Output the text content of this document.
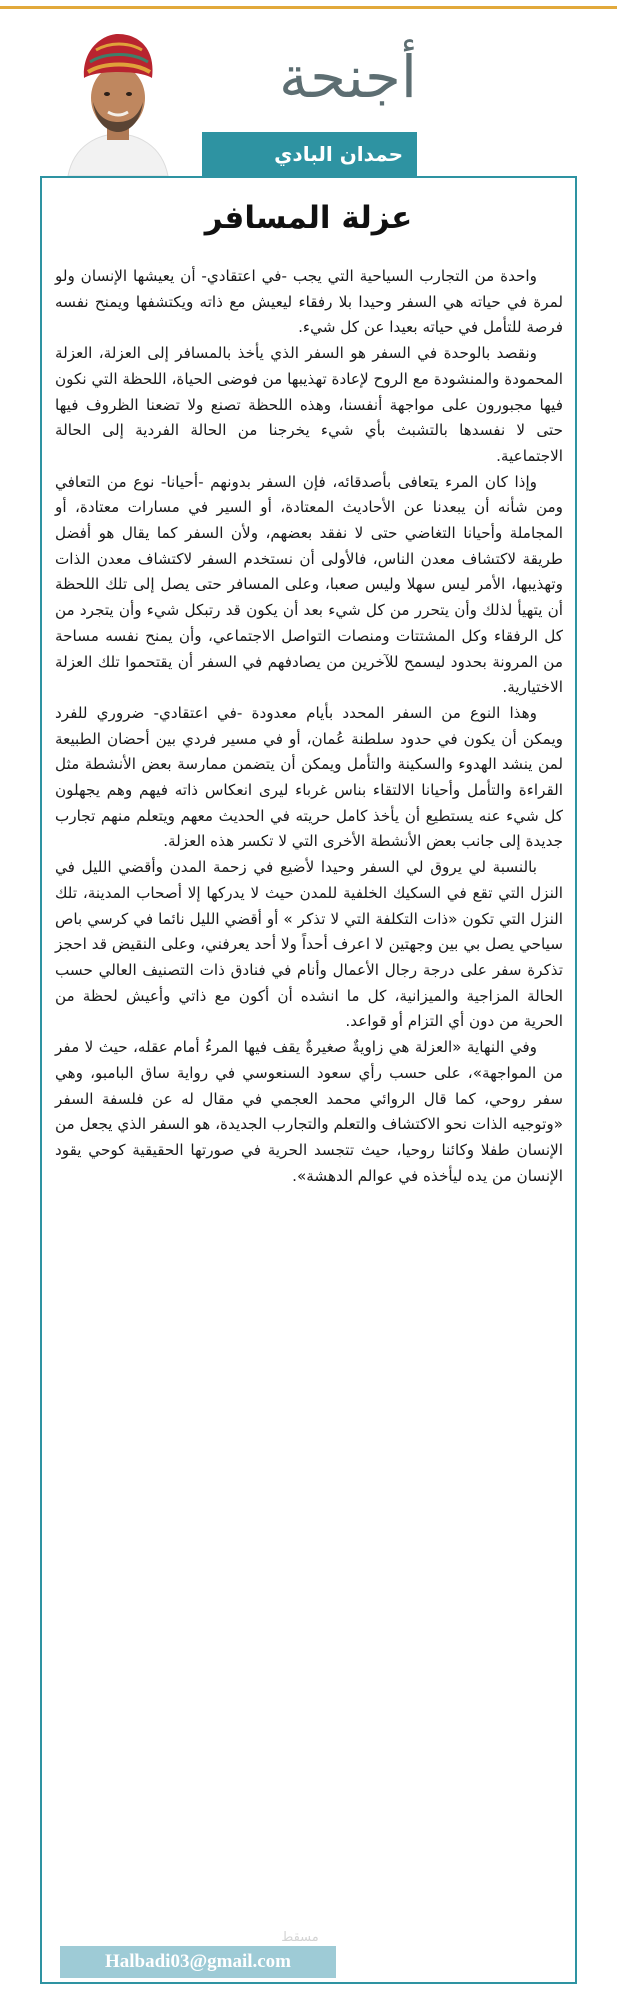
أجنحة
حمدان البادي
عزلة المسافر

واحدة من التجارب السياحية التي يجب -في اعتقادي- أن يعيشها الإنسان ولو لمرة في حياته هي السفر وحيدا بلا رفقاء ليعيش مع ذاته ويكتشفها ويمنح نفسه فرصة للتأمل في حياته بعيدا عن كل شيء.

ونقصد بالوحدة في السفر هو السفر الذي يأخذ بالمسافر إلى العزلة، العزلة المحمودة والمنشودة مع الروح لإعادة تهذيبها من فوضى الحياة، اللحظة التي نكون فيها مجبورون على مواجهة أنفسنا، وهذه اللحظة تصنع ولا تضعنا الظروف فيها حتى لا نفسدها بالتشبث بأي شيء يخرجنا من الحالة الفردية إلى الحالة الاجتماعية.

وإذا كان المرء يتعافى بأصدقائه، فإن السفر بدونهم -أحيانا- نوع من التعافي ومن شأنه أن يبعدنا عن الأحاديث المعتادة، أو السير في مسارات معتادة، أو المجاملة وأحيانا التغاضي حتى لا نفقد بعضهم، ولأن السفر كما يقال هو أفضل طريقة لاكتشاف معدن الناس، فالأولى أن نستخدم السفر لاكتشاف معدن الذات وتهذيبها، الأمر ليس سهلا وليس صعبا، وعلى المسافر حتى يصل إلى تلك اللحظة أن يتهيأ لذلك وأن يتحرر من كل شيء بعد أن يكون قد رتبكل شيء وأن يتجرد من كل الرفقاء وكل المشتتات ومنصات التواصل الاجتماعي، وأن يمنح نفسه مساحة من المرونة بحدود ليسمح للآخرين من يصادفهم في السفر أن يقتحموا تلك العزلة الاختيارية.

وهذا النوع من السفر المحدد بأيام معدودة -في اعتقادي- ضروري للفرد ويمكن أن يكون في حدود سلطنة عُمان، أو في مسير فردي بين أحضان الطبيعة لمن ينشد الهدوء والسكينة والتأمل ويمكن أن يتضمن ممارسة بعض الأنشطة مثل القراءة والتأمل وأحيانا الالتقاء بناس غرباء ليرى انعكاس ذاته فيهم وهم يجهلون كل شيء عنه يستطيع أن يأخذ كامل حريته في الحديث معهم ويتعلم منهم تجارب جديدة إلى جانب بعض الأنشطة الأخرى التي لا تكسر هذه العزلة.

بالنسبة لي يروق لي السفر وحيدا لأضيع في زحمة المدن وأقضي الليل في النزل التي تقع في السكيك الخلفية للمدن حيث لا يدركها إلا أصحاب المدينة، تلك النزل التي تكون «ذات التكلفة التي لا تذكر » أو أقضي الليل نائما في كرسي باص سياحي يصل بي بين وجهتين لا اعرف أحداً ولا أحد يعرفني، وعلى النقيض قد احجز تذكرة سفر على درجة رجال الأعمال وأنام في فنادق ذات التصنيف العالي حسب الحالة المزاجية والميزانية، كل ما انشده أن أكون مع ذاتي وأعيش لحظة من الحرية من دون أي التزام أو قواعد.

وفي النهاية «العزلة هي زاويةٌ صغيرةٌ يقف فيها المرءُ أمام عقله، حيث لا مفر من المواجهة»، على حسب رأي سعود السنعوسي في رواية ساق البامبو، وهي سفر روحي، كما قال الروائي محمد العجمي في مقال له عن فلسفة السفر «وتوجيه الذات نحو الاكتشاف والتعلم والتجارب الجديدة، هو السفر الذي يجعل من الإنسان طفلا وكائنا روحيا، حيث تتجسد الحرية في صورتها الحقيقية كوحي يقود الإنسان من يده ليأخذه في عوالم الدهشة».

مسقط
Halbadi03@gmail.com
